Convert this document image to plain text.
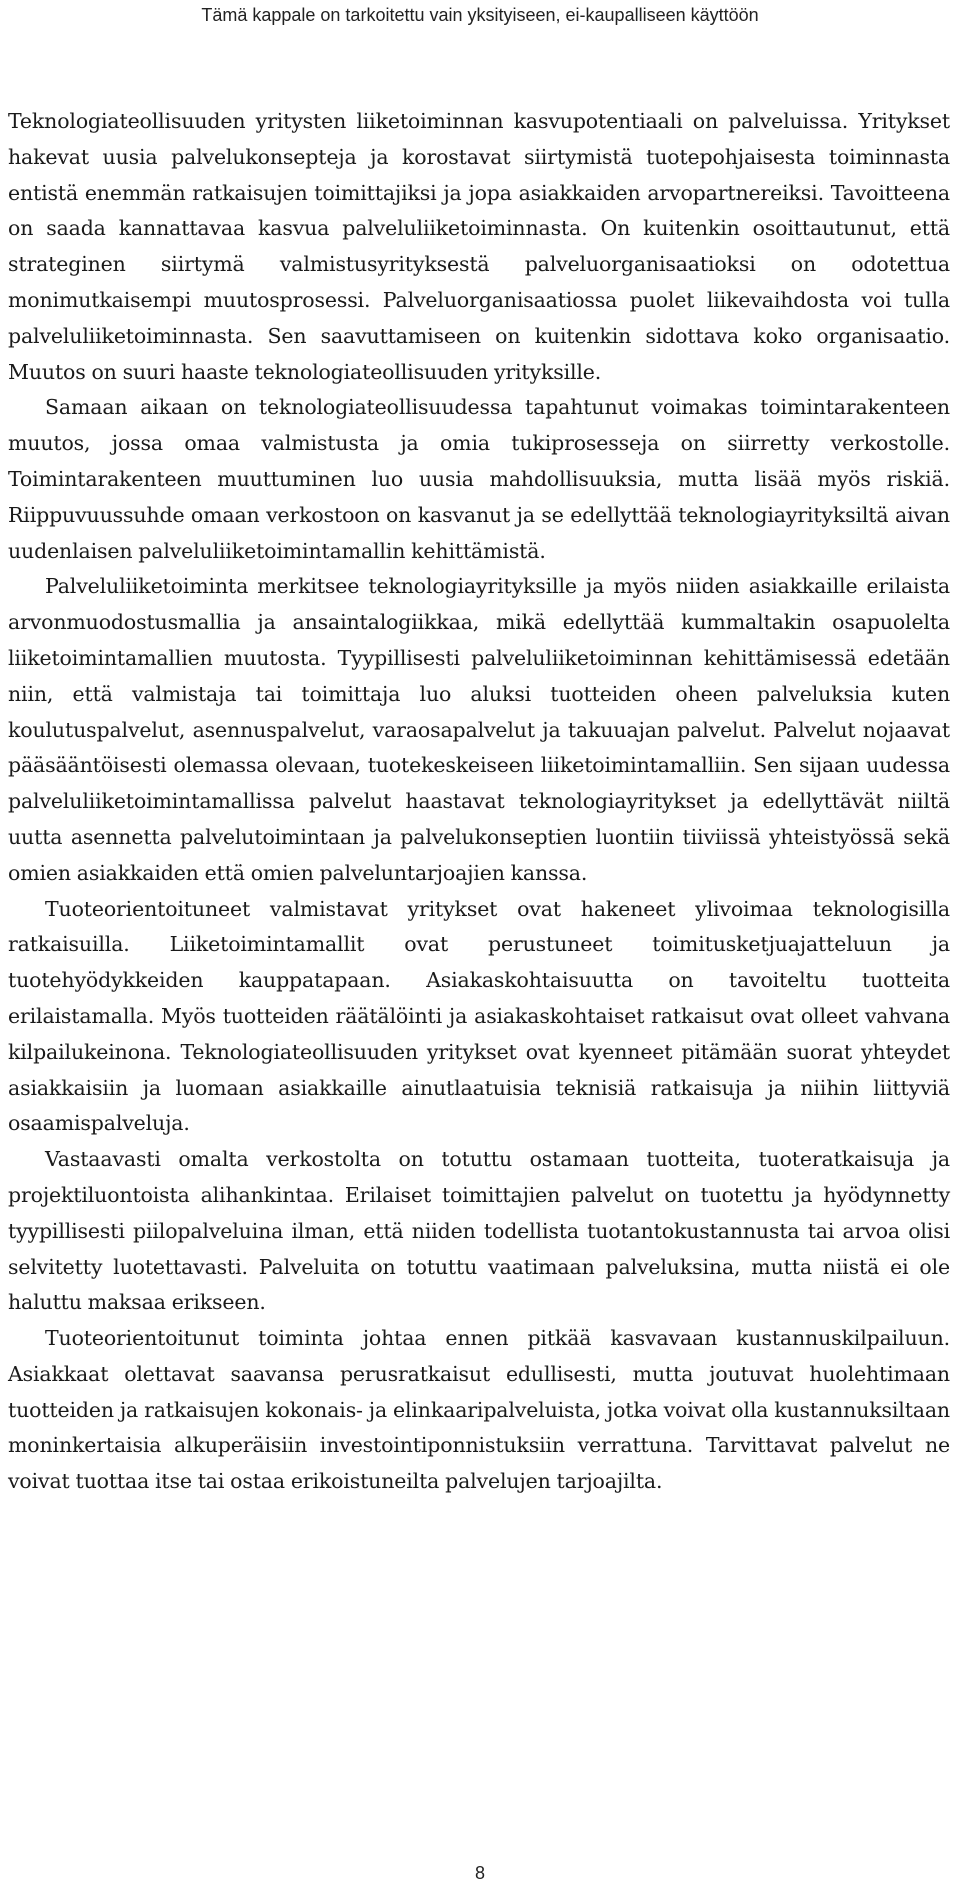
Tämä kappale on tarkoitettu vain yksityiseen, ei-kaupalliseen käyttöön

Teknologiateollisuuden yritysten liiketoiminnan kasvupotentiaali on palveluissa. Yritykset hakevat uusia palvelukonsepteja ja korostavat siirtymistä tuotepohjaisesta toiminnasta entistä enemmän ratkaisujen toimittajiksi ja jopa asiakkaiden arvopartnereiksi. Tavoitteena on saada kannattavaa kasvua palveluliiketoiminnasta. On kuitenkin osoittautunut, että strateginen siirtymä valmistusyrityksestä palveluorganisaatioksi on odotettua monimutkaisempi muutosprosessi. Palveluorganisaatiossa puolet liikevaihdosta voi tulla palveluliiketoiminnasta. Sen saavuttamiseen on kuitenkin sidottava koko organisaatio. Muutos on suuri haaste teknologiateollisuuden yrityksille.

Samaan aikaan on teknologiateollisuudessa tapahtunut voimakas toimintarakenteen muutos, jossa omaa valmistusta ja omia tukiprosesseja on siirretty verkostolle. Toimintarakenteen muuttuminen luo uusia mahdollisuuksia, mutta lisää myös riskiä. Riippuvuussuhde omaan verkostoon on kasvanut ja se edellyttää teknologiayrityksiltä aivan uudenlaisen palveluliiketoimintamallin kehittämistä.

Palveluliiketoiminta merkitsee teknologiayrityksille ja myös niiden asiakkaille erilaista arvonmuodostusmallia ja ansaintalogiikkaa, mikä edellyttää kummaltakin osapuolelta liiketoimintamallien muutosta. Tyypillisesti palveluliiketoiminnan kehittämisessä edetään niin, että valmistaja tai toimittaja luo aluksi tuotteiden oheen palveluksia kuten koulutuspalvelut, asennuspalvelut, varaosapalvelut ja takuuajan palvelut. Palvelut nojaavat pääsääntöisesti olemassa olevaan, tuotekeskeiseen liiketoimintamalliin. Sen sijaan uudessa palveluliiketoimintamallissa palvelut haastavat teknologiayritykset ja edellyttävät niiltä uutta asennetta palvelutoimintaan ja palvelukonseptien luontiin tiiviissä yhteistyössä sekä omien asiakkaiden että omien palveluntarjoajien kanssa.

Tuoteorientoituneet valmistavat yritykset ovat hakeneet ylivoimaa teknologisilla ratkaisuilla. Liiketoimintamallit ovat perustuneet toimitusketjuajatteluun ja tuotehyödykkeiden kauppatapaan. Asiakaskohtaisuutta on tavoiteltu tuotteita erilaistamalla. Myös tuotteiden räätälöinti ja asiakaskohtaiset ratkaisut ovat olleet vahvana kilpailukeinona. Teknologiateollisuuden yritykset ovat kyenneet pitämään suorat yhteydet asiakkaisiin ja luomaan asiakkaille ainutlaatuisia teknisiä ratkaisuja ja niihin liittyviä osaamispalveluja.

Vastaavasti omalta verkostolta on totuttu ostamaan tuotteita, tuoteratkaisuja ja projektiluontoista alihankintaa. Erilaiset toimittajien palvelut on tuotettu ja hyödynnetty tyypillisesti piilopalveluina ilman, että niiden todellista tuotantokustannusta tai arvoa olisi selvitetty luotettavasti. Palveluita on totuttu vaatimaan palveluksina, mutta niistä ei ole haluttu maksaa erikseen.

Tuoteorientoitunut toiminta johtaa ennen pitkää kasvavaan kustannuskilpailuun. Asiakkaat olettavat saavansa perusratkaisut edullisesti, mutta joutuvat huolehtimaan tuotteiden ja ratkaisujen kokonais- ja elinkaaripalveluista, jotka voivat olla kustannuksiltaan moninkertaisia alkuperäisiin investointiponnistuksiin verrattuna. Tarvittavat palvelut ne voivat tuottaa itse tai ostaa erikoistuneilta palvelujen tarjoajilta.

8
